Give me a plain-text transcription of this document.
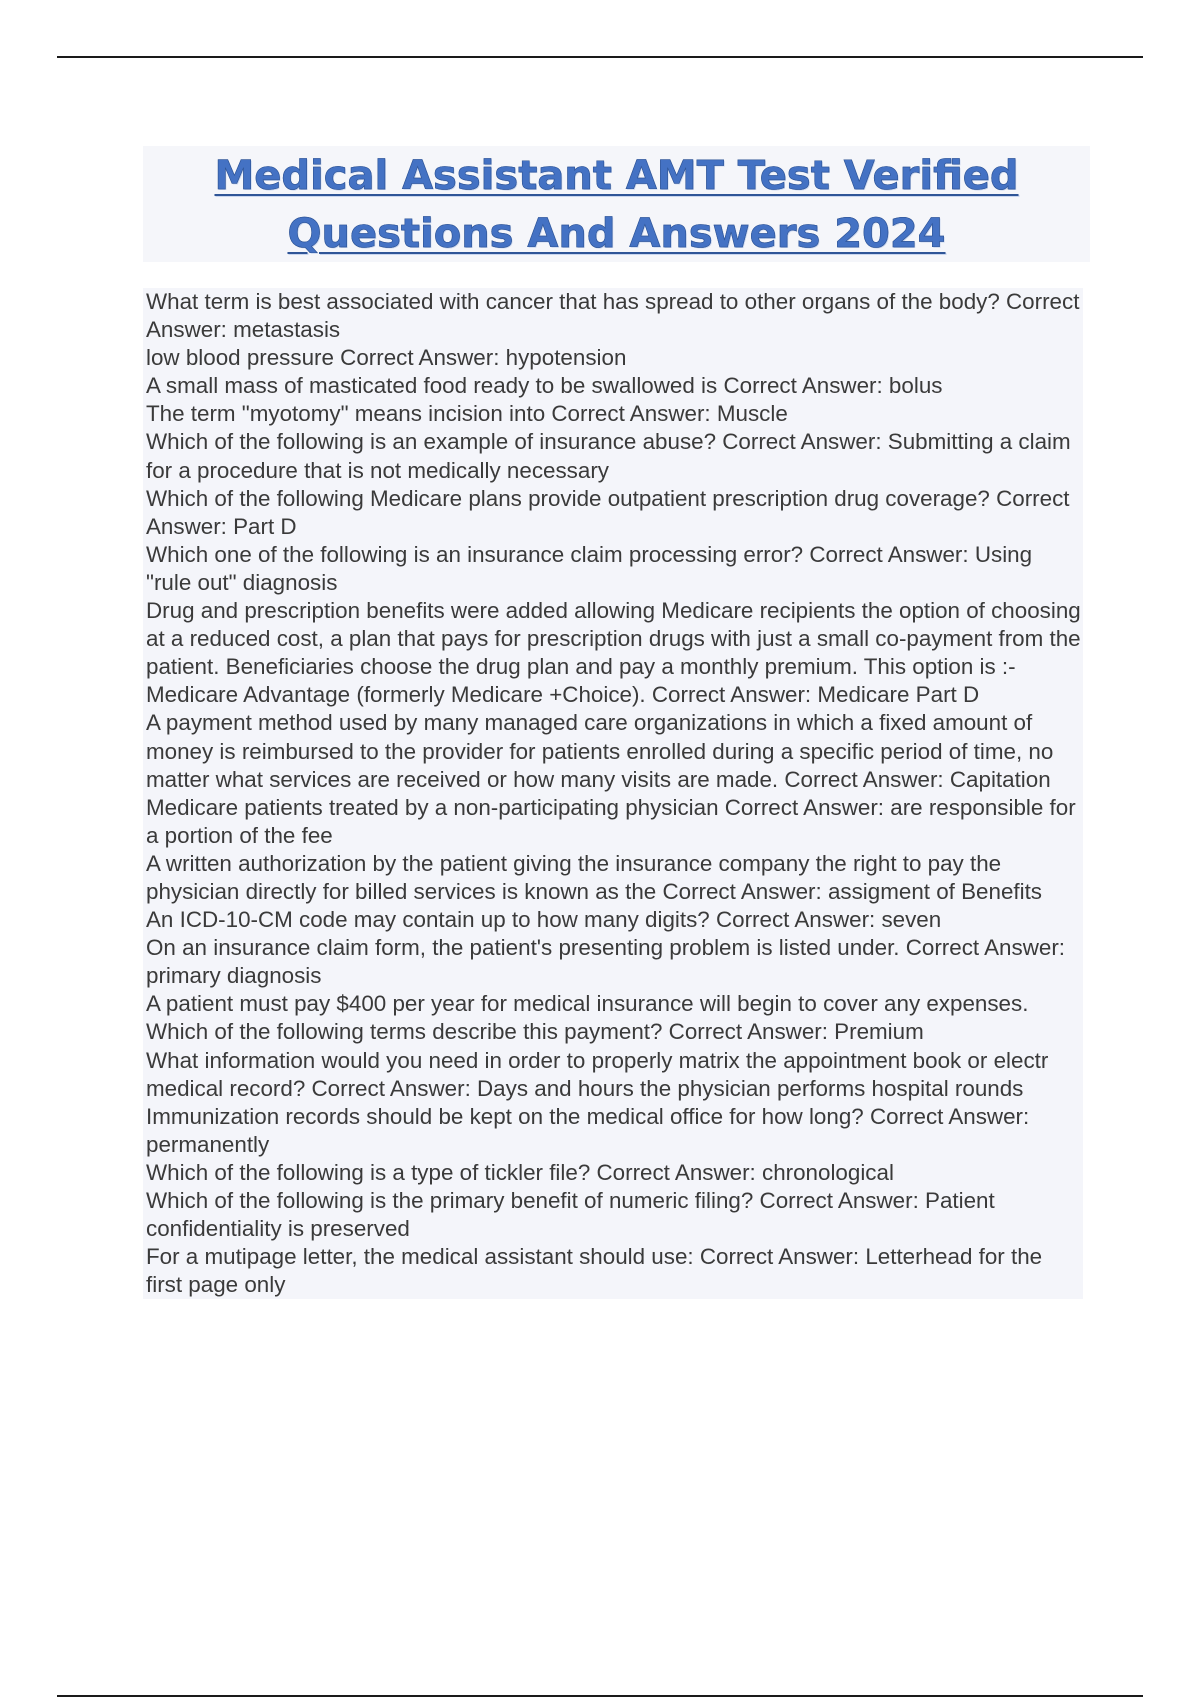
Medical Assistant AMT Test Verified
Questions And Answers 2024
What term is best associated with cancer that has spread to other organs of the body? Correct Answer: metastasis
low blood pressure Correct Answer: hypotension
A small mass of masticated food ready to be swallowed is Correct Answer: bolus
The term "myotomy" means incision into Correct Answer: Muscle
Which of the following is an example of insurance abuse? Correct Answer: Submitting a claim for a procedure that is not medically necessary
Which of the following Medicare plans provide outpatient prescription drug coverage? Correct Answer: Part D
Which one of the following is an insurance claim processing error? Correct Answer: Using "rule out" diagnosis
Drug and prescription benefits were added allowing Medicare recipients the option of choosing at a reduced cost, a plan that pays for prescription drugs with just a small co-payment from the patient. Beneficiaries choose the drug plan and pay a monthly premium. This option is :- Medicare Advantage (formerly Medicare +Choice). Correct Answer: Medicare Part D
A payment method used by many managed care organizations in which a fixed amount of money is reimbursed to the provider for patients enrolled during a specific period of time, no matter what services are received or how many visits are made. Correct Answer: Capitation
Medicare patients treated by a non-participating physician Correct Answer: are responsible for a portion of the fee
A written authorization by the patient giving the insurance company the right to pay the physician directly for billed services is known as the Correct Answer: assigment of Benefits
An ICD-10-CM code may contain up to how many digits? Correct Answer: seven
On an insurance claim form, the patient's presenting problem is listed under. Correct Answer: primary diagnosis
A patient must pay $400 per year for medical insurance will begin to cover any expenses. Which of the following terms describe this payment? Correct Answer: Premium
What information would you need in order to properly matrix the appointment book or electr medical record? Correct Answer: Days and hours the physician performs hospital rounds
Immunization records should be kept on the medical office for how long? Correct Answer: permanently
Which of the following is a type of tickler file? Correct Answer: chronological
Which of the following is the primary benefit of numeric filing? Correct Answer: Patient confidentiality is preserved
For a mutipage letter, the medical assistant should use: Correct Answer: Letterhead for the first page only
